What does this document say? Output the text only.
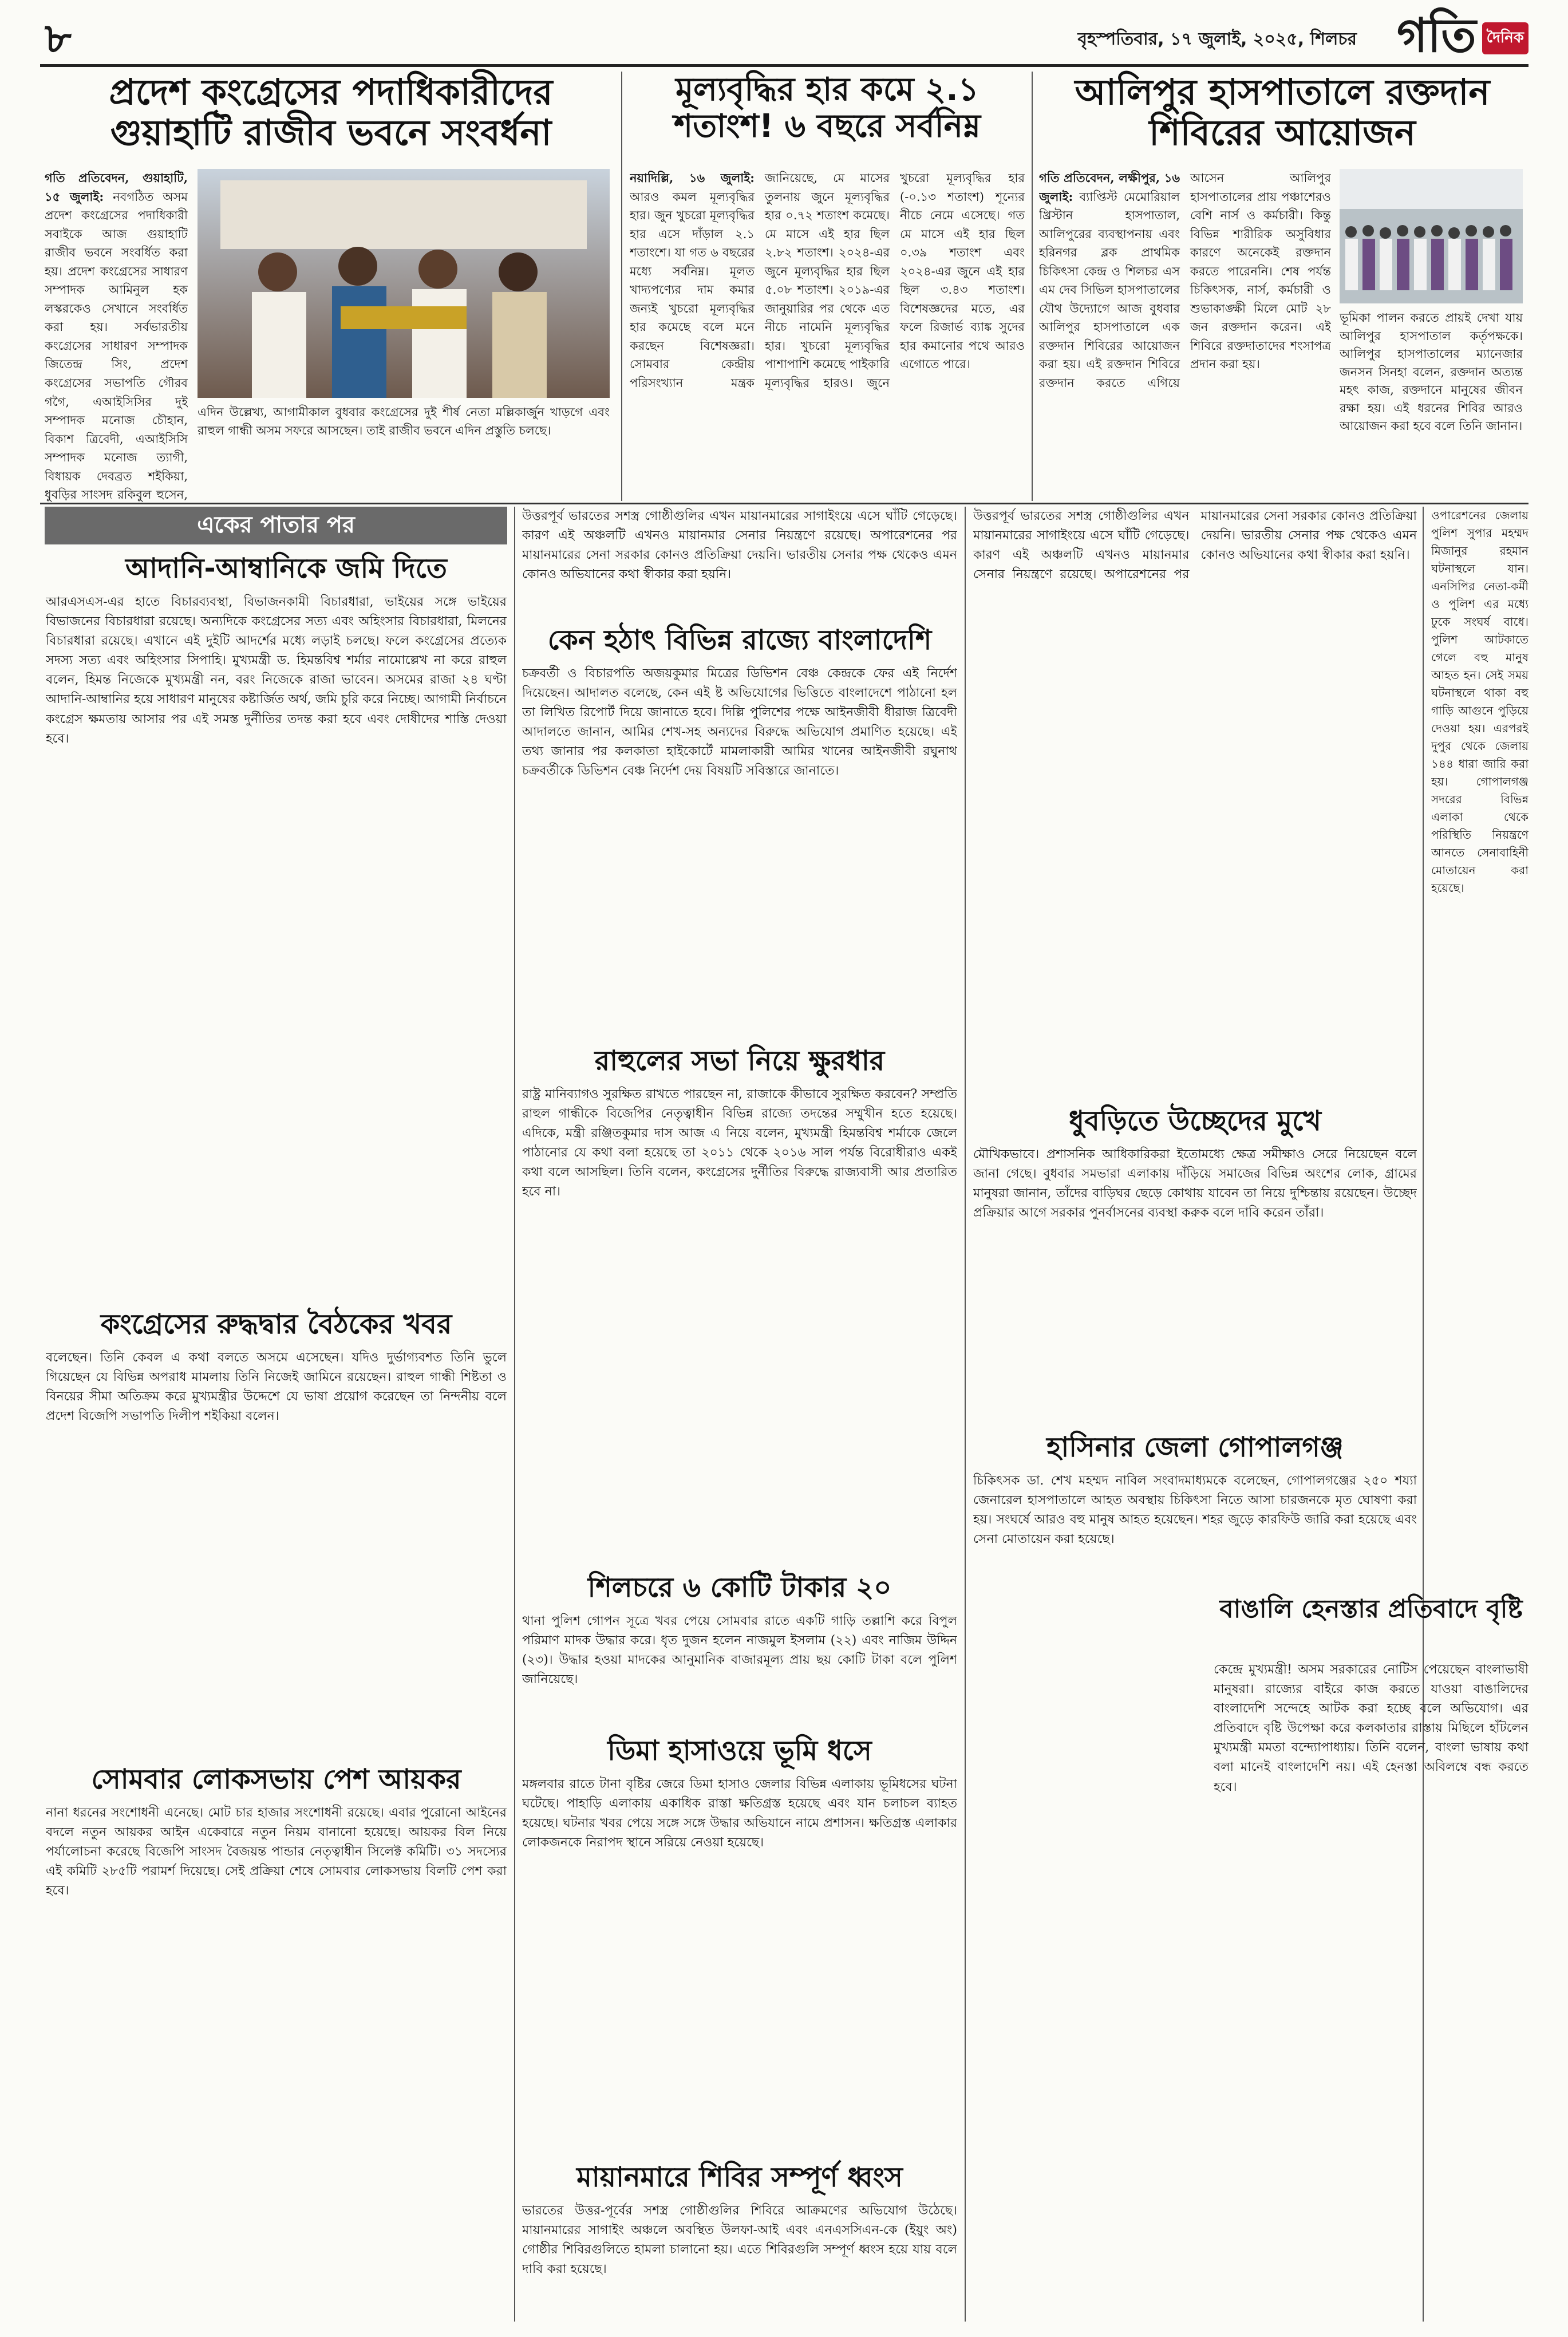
৮	বৃহস্পতিবার, ১৭ জুলাই, ২০২৫, শিলচর গতি দৈনিক
প্রদেশ কংগ্রেসের পদাধিকারীদের
গুয়াহাটি রাজীব ভবনে সংবর্ধনা
গতি প্রতিবেদন, গুয়াহাটি, ১৫ জুলাই: নবগঠিত অসম প্রদেশ কংগ্রেসের পদাধিকারী সবাইকে আজ গুয়াহাটি রাজীব ভবনে সংবর্ধিত করা হয়। প্রদেশ কংগ্রেসের সাধারণ সম্পাদক আমিনুল হক লস্করকেও সেখানে সংবর্ধিত করা হয়। সর্বভারতীয় কংগ্রেসের সাধারণ সম্পাদক জিতেন্দ্র সিং, প্রদেশ কংগ্রেসের সভাপতি গৌরব গগৈ, এআইসিসির দুই সম্পাদক মনোজ চৌহান, বিকাশ ত্রিবেদী, এআইসিসি সম্পাদক মনোজ ত্যাগী, বিধায়ক দেবব্রত শইকিয়া, ধুবড়ির সাংসদ রকিবুল হুসেন,
এদিন উল্লেখ্য, আগামীকাল বুধবার কংগ্রেসের দুই শীর্ষ নেতা মল্লিকার্জুন খাড়গে এবং রাহুল গান্ধী অসম সফরে আসছেন। তাই রাজীব ভবনে এদিন প্রস্তুতি চলছে।
মূল্যবৃদ্ধির হার কমে ২.১
শতাংশ! ৬ বছরে সর্বনিম্ন
নয়াদিল্লি, ১৬ জুলাই: আরও কমল মূল্যবৃদ্ধির হার। জুন খুচরো মূল্যবৃদ্ধির হার এসে দাঁড়াল ২.১ শতাংশে। যা গত ৬ বছরের মধ্যে সর্বনিম্ন। মূলত খাদ্যপণ্যের দাম কমার জন্যই খুচরো মূল্যবৃদ্ধির হার কমেছে বলে মনে করছেন বিশেষজ্ঞরা। সোমবার কেন্দ্রীয় পরিসংখ্যান মন্ত্রক জানিয়েছে, মে মাসের তুলনায় জুনে মূল্যবৃদ্ধির হার ০.৭২ শতাংশ কমেছে। মে মাসে এই হার ছিল ২.৮২ শতাংশ। ২০২৪-এর জুনে মূল্যবৃদ্ধির হার ছিল ৫.০৮ শতাংশ। ২০১৯-এর জানুয়ারির পর থেকে এত নীচে নামেনি মূল্যবৃদ্ধির হার। খুচরো মূল্যবৃদ্ধির পাশাপাশি কমেছে পাইকারি মূল্যবৃদ্ধির হারও। জুনে খুচরো মূল্যবৃদ্ধির হার (-০.১৩ শতাংশ) শূন্যের নীচে নেমে এসেছে। গত মে মাসে এই হার ছিল ০.৩৯ শতাংশ এবং ২০২৪-এর জুনে এই হার ছিল ৩.৪৩ শতাংশ। বিশেষজ্ঞদের মতে, এর ফলে রিজার্ভ ব্যাঙ্ক সুদের হার কমানোর পথে আরও এগোতে পারে।
আলিপুর হাসপাতালে রক্তদান
শিবিরের আয়োজন
গতি প্রতিবেদন, লক্ষীপুর, ১৬ জুলাই: ব্যাপ্তিস্ট মেমোরিয়াল খ্রিস্টান হাসপাতাল, আলিপুরের ব্যবস্থাপনায় এবং হরিনগর ব্লক প্রাথমিক চিকিৎসা কেন্দ্র ও শিলচর এস এম দেব সিভিল হাসপাতালের যৌথ উদ্যোগে আজ বুধবার আলিপুর হাসপাতালে এক রক্তদান শিবিরের আয়োজন করা হয়। এই রক্তদান শিবিরে রক্তদান করতে এগিয়ে আসেন আলিপুর হাসপাতালের প্রায় পঞ্চাশেরও বেশি নার্স ও কর্মচারী। কিন্তু বিভিন্ন শারীরিক অসুবিধার কারণে অনেকেই রক্তদান করতে পারেননি। শেষ পর্যন্ত চিকিৎসক, নার্স, কর্মচারী ও শুভাকাঙ্ক্ষী মিলে মোট ২৮ জন রক্তদান করেন। এই শিবিরে রক্তদাতাদের শংসাপত্র প্রদান করা হয়।
ভূমিকা পালন করতে প্রায়ই দেখা যায় আলিপুর হাসপাতাল কর্তৃপক্ষকে। আলিপুর হাসপাতালের ম্যানেজার জনসন সিনহা বলেন, রক্তদান অত্যন্ত মহৎ কাজ, রক্তদানে মানুষের জীবন রক্ষা হয়। এই ধরনের শিবির আরও আয়োজন করা হবে বলে তিনি জানান।
একের পাতার পর
আদানি-আম্বানিকে জমি দিতে
আরএসএস-এর হাতে বিচারব্যবস্থা, বিভাজনকামী বিচারধারা, ভাইয়ের সঙ্গে ভাইয়ের বিভাজনের বিচারধারা রয়েছে। অন্যদিকে কংগ্রেসের সত্য এবং অহিংসার বিচারধারা, মিলনের বিচারধারা রয়েছে। এখানে এই দুইটি আদর্শের মধ্যে লড়াই চলছে। ফলে কংগ্রেসের প্রত্যেক সদস্য সত্য এবং অহিংসার সিপাহি। মুখ্যমন্ত্রী ড. হিমন্তবিশ্ব শর্মার নামোল্লেখ না করে রাহুল বলেন, হিমন্ত নিজেকে মুখ্যমন্ত্রী নন, বরং নিজেকে রাজা ভাবেন। অসমের রাজা ২৪ ঘণ্টা আদানি-আম্বানির হয়ে সাধারণ মানুষের কষ্টার্জিত অর্থ, জমি চুরি করে নিচ্ছে। আগামী নির্বাচনে কংগ্রেস ক্ষমতায় আসার পর এই সমস্ত দুর্নীতির তদন্ত করা হবে এবং দোষীদের শাস্তি দেওয়া হবে।
কংগ্রেসের রুদ্ধদ্বার বৈঠকের খবর
বলেছেন। তিনি কেবল এ কথা বলতে অসমে এসেছেন। যদিও দুর্ভাগ্যবশত তিনি ভুলে গিয়েছেন যে বিভিন্ন অপরাধ মামলায় তিনি নিজেই জামিনে রয়েছেন। রাহুল গান্ধী শিষ্টতা ও বিনয়ের সীমা অতিক্রম করে মুখ্যমন্ত্রীর উদ্দেশে যে ভাষা প্রয়োগ করেছেন তা নিন্দনীয় বলে প্রদেশ বিজেপি সভাপতি দিলীপ শইকিয়া বলেন।
সোমবার লোকসভায় পেশ আয়কর
নানা ধরনের সংশোধনী এনেছে। মোট চার হাজার সংশোধনী রয়েছে। এবার পুরোনো আইনের বদলে নতুন আয়কর আইন একেবারে নতুন নিয়ম বানানো হয়েছে। আয়কর বিল নিয়ে পর্যালোচনা করেছে বিজেপি সাংসদ বৈজয়ন্ত পান্ডার নেতৃত্বাধীন সিলেক্ট কমিটি। ৩১ সদস্যের এই কমিটি ২৮৫টি পরামর্শ দিয়েছে। সেই প্রক্রিয়া শেষে সোমবার লোকসভায় বিলটি পেশ করা হবে।
উত্তরপূর্ব ভারতের সশস্ত্র গোষ্ঠীগুলির এখন মায়ানমারের সাগাইংয়ে এসে ঘাঁটি গেড়েছে। কারণ এই অঞ্চলটি এখনও মায়ানমার সেনার নিয়ন্ত্রণে রয়েছে। অপারেশনের পর মায়ানমারের সেনা সরকার কোনও প্রতিক্রিয়া দেয়নি। ভারতীয় সেনার পক্ষ থেকেও এমন কোনও অভিযানের কথা স্বীকার করা হয়নি।
কেন হঠাৎ বিভিন্ন রাজ্যে বাংলাদেশি
চক্রবর্তী ও বিচারপতি অজয়কুমার মিত্রের ডিভিশন বেঞ্চ কেন্দ্রকে ফের এই নির্দেশ দিয়েছেন। আদালত বলেছে, কেন এই ষ্ট অভিযোগের ভিত্তিতে বাংলাদেশে পাঠানো হল তা লিখিত রিপোর্ট দিয়ে জানাতে হবে। দিল্লি পুলিশের পক্ষে আইনজীবী ধীরাজ ত্রিবেদী আদালতে জানান, আমির শেখ-সহ অন্যদের বিরুদ্ধে অভিযোগ প্রমাণিত হয়েছে। এই তথ্য জানার পর কলকাতা হাইকোর্টে মামলাকারী আমির খানের আইনজীবী রঘুনাথ চক্রবর্তীকে ডিভিশন বেঞ্চ নির্দেশ দেয় বিষয়টি সবিস্তারে জানাতে।
রাহুলের সভা নিয়ে ক্ষুরধার
রাষ্ট্র মানিব্যাগও সুরক্ষিত রাখতে পারছেন না, রাজাকে কীভাবে সুরক্ষিত করবেন? সম্প্রতি রাহুল গান্ধীকে বিজেপির নেতৃত্বাধীন বিভিন্ন রাজ্যে তদন্তের সম্মুখীন হতে হয়েছে। এদিকে, মন্ত্রী রঞ্জিতকুমার দাস আজ এ নিয়ে বলেন, মুখ্যমন্ত্রী হিমন্তবিশ্ব শর্মাকে জেলে পাঠানোর যে কথা বলা হয়েছে তা ২০১১ থেকে ২০১৬ সাল পর্যন্ত বিরোধীরাও একই কথা বলে আসছিল। তিনি বলেন, কংগ্রেসের দুর্নীতির বিরুদ্ধে রাজ্যবাসী আর প্রতারিত হবে না।
শিলচরে ৬ কোটি টাকার ২০
থানা পুলিশ গোপন সূত্রে খবর পেয়ে সোমবার রাতে একটি গাড়ি তল্লাশি করে বিপুল পরিমাণ মাদক উদ্ধার করে। ধৃত দুজন হলেন নাজমুল ইসলাম (২২) এবং নাজিম উদ্দিন (২৩)। উদ্ধার হওয়া মাদকের আনুমানিক বাজারমূল্য প্রায় ছয় কোটি টাকা বলে পুলিশ জানিয়েছে।
ডিমা হাসাওয়ে ভূমি ধসে
মঙ্গলবার রাতে টানা বৃষ্টির জেরে ডিমা হাসাও জেলার বিভিন্ন এলাকায় ভূমিধসের ঘটনা ঘটেছে। পাহাড়ি এলাকায় একাধিক রাস্তা ক্ষতিগ্রস্ত হয়েছে এবং যান চলাচল ব্যাহত হয়েছে। ঘটনার খবর পেয়ে সঙ্গে সঙ্গে উদ্ধার অভিযানে নামে প্রশাসন। ক্ষতিগ্রস্ত এলাকার লোকজনকে নিরাপদ স্থানে সরিয়ে নেওয়া হয়েছে।
মায়ানমারে শিবির সম্পূর্ণ ধ্বংস
ভারতের উত্তর-পূর্বের সশস্ত্র গোষ্ঠীগুলির শিবিরে আক্রমণের অভিযোগ উঠেছে। মায়ানমারের সাগাইং অঞ্চলে অবস্থিত উলফা-আই এবং এনএসসিএন-কে (ইয়ুং অং) গোষ্ঠীর শিবিরগুলিতে হামলা চালানো হয়। এতে শিবিরগুলি সম্পূর্ণ ধ্বংস হয়ে যায় বলে দাবি করা হয়েছে।
উত্তরপূর্ব ভারতের সশস্ত্র গোষ্ঠীগুলির এখন মায়ানমারের সাগাইংয়ে এসে ঘাঁটি গেড়েছে। কারণ এই অঞ্চলটি এখনও মায়ানমার সেনার নিয়ন্ত্রণে রয়েছে। অপারেশনের পর মায়ানমারের সেনা সরকার কোনও প্রতিক্রিয়া দেয়নি। ভারতীয় সেনার পক্ষ থেকেও এমন কোনও অভিযানের কথা স্বীকার করা হয়নি।
ধুবড়িতে উচ্ছেদের মুখে
মৌখিকভাবে। প্রশাসনিক আধিকারিকরা ইতোমধ্যে ক্ষেত্র সমীক্ষাও সেরে নিয়েছেন বলে জানা গেছে। বুধবার সমভারা এলাকায় দাঁড়িয়ে সমাজের বিভিন্ন অংশের লোক, গ্রামের মানুষরা জানান, তাঁদের বাড়িঘর ছেড়ে কোথায় যাবেন তা নিয়ে দুশ্চিন্তায় রয়েছেন। উচ্ছেদ প্রক্রিয়ার আগে সরকার পুনর্বাসনের ব্যবস্থা করুক বলে দাবি করেন তাঁরা।
হাসিনার জেলা গোপালগঞ্জ
চিকিৎসক ডা. শেখ মহম্মদ নাবিল সংবাদমাধ্যমকে বলেছেন, গোপালগঞ্জের ২৫০ শয্যা জেনারেল হাসপাতালে আহত অবস্থায় চিকিৎসা নিতে আসা চারজনকে মৃত ঘোষণা করা হয়। সংঘর্ষে আরও বহু মানুষ আহত হয়েছেন। শহর জুড়ে কারফিউ জারি করা হয়েছে এবং সেনা মোতায়েন করা হয়েছে।
ওপারেশনের জেলায় পুলিশ সুপার মহম্মদ মিজানুর রহমান ঘটনাস্থলে যান। এনসিপির নেতা-কর্মী ও পুলিশ এর মধ্যে ঢুকে সংঘর্ষ বাধে। পুলিশ আটকাতে গেলে বহু মানুষ আহত হন। সেই সময় ঘটনাস্থলে থাকা বহু গাড়ি আগুনে পুড়িয়ে দেওয়া হয়। এরপরই দুপুর থেকে জেলায় ১৪৪ ধারা জারি করা হয়। গোপালগঞ্জ সদরের বিভিন্ন এলাকা থেকে পরিস্থিতি নিয়ন্ত্রণে আনতে সেনাবাহিনী মোতায়েন করা হয়েছে।
বাঙালি হেনস্তার প্রতিবাদে বৃষ্টি
কেন্দ্রে মুখ্যমন্ত্রী! অসম সরকারের নোটিস পেয়েছেন বাংলাভাষী মানুষরা। রাজ্যের বাইরে কাজ করতে যাওয়া বাঙালিদের বাংলাদেশি সন্দেহে আটক করা হচ্ছে বলে অভিযোগ। এর প্রতিবাদে বৃষ্টি উপেক্ষা করে কলকাতার রাস্তায় মিছিলে হাঁটলেন মুখ্যমন্ত্রী মমতা বন্দ্যোপাধ্যায়। তিনি বলেন, বাংলা ভাষায় কথা বলা মানেই বাংলাদেশি নয়। এই হেনস্তা অবিলম্বে বন্ধ করতে হবে।
